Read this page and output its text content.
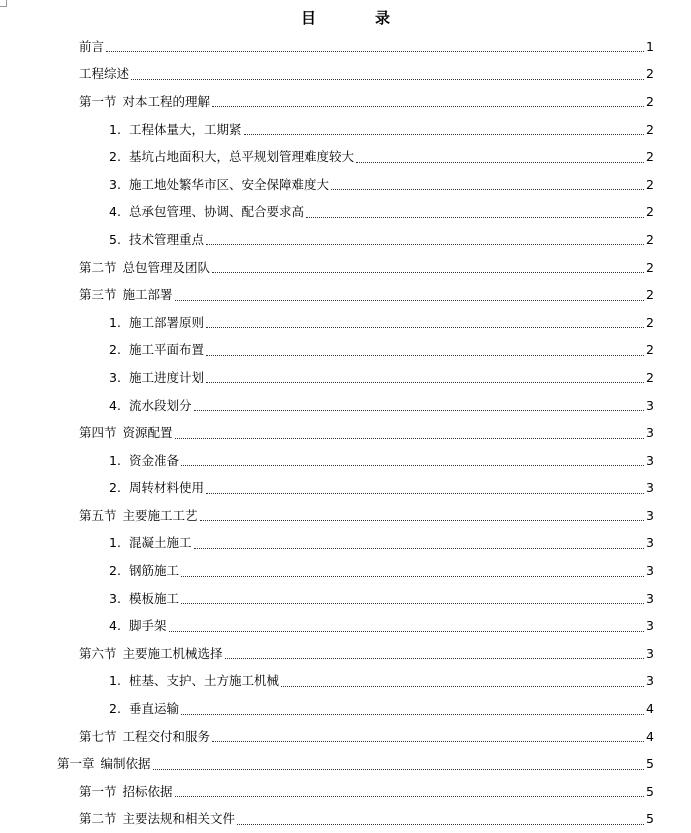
目　录
前言	1
工程综述	2
第一节 对本工程的理解	2
1. 工程体量大，工期紧	2
2. 基坑占地面积大，总平规划管理难度较大	2
3. 施工地处繁华市区、安全保障难度大	2
4. 总承包管理、协调、配合要求高	2
5. 技术管理重点	2
第二节 总包管理及团队	2
第三节 施工部署	2
1. 施工部署原则	2
2. 施工平面布置	2
3. 施工进度计划	2
4. 流水段划分	3
第四节 资源配置	3
1. 资金准备	3
2. 周转材料使用	3
第五节 主要施工工艺	3
1. 混凝土施工	3
2. 钢筋施工	3
3. 模板施工	3
4. 脚手架	3
第六节 主要施工机械选择	3
1. 桩基、支护、土方施工机械	3
2. 垂直运输	4
第七节 工程交付和服务	4
第一章 编制依据	5
第一节 招标依据	5
第二节 主要法规和相关文件	5
